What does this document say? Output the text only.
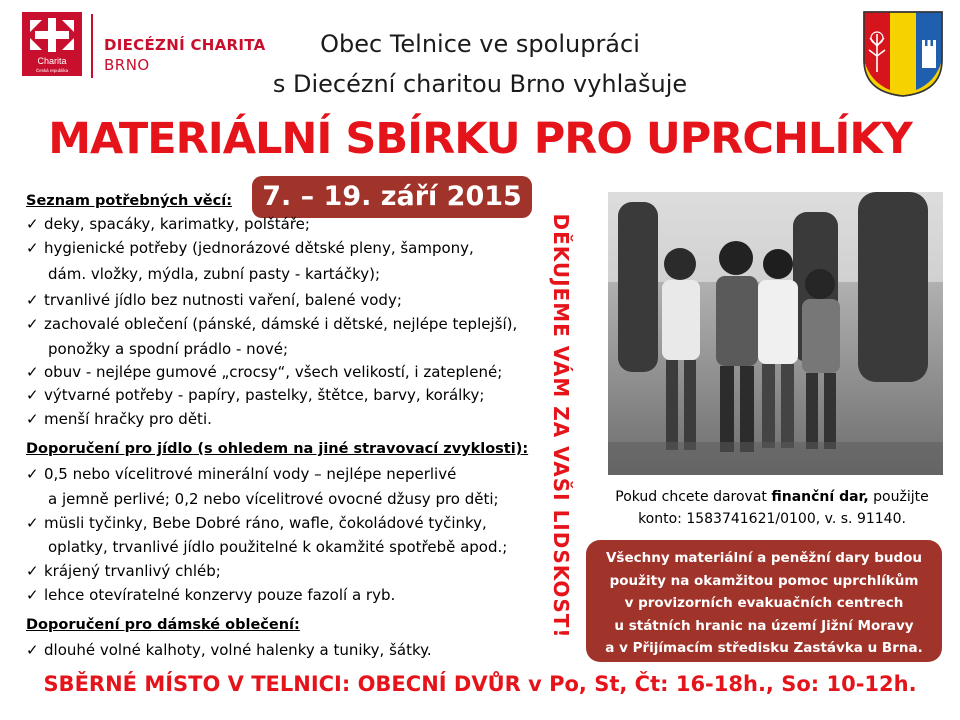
Charita
Česká republika
DIECÉZNÍ CHARITA
BRNO
Obec Telnice ve spolupráci
s Diecézní charitou Brno vyhlašuje
MATERIÁLNÍ SBÍRKU PRO UPRCHLÍKY
7. – 19. září 2015
Seznam potřebných věcí:
✓ deky, spacáky, karimatky, polštáře;
✓ hygienické potřeby (jednorázové dětské pleny, šampony,
dám. vložky, mýdla, zubní pasty - kartáčky);
✓ trvanlivé jídlo bez nutnosti vaření, balené vody;
✓ zachovalé oblečení (pánské, dámské i dětské, nejlépe teplejší),
ponožky a spodní prádlo - nové;
✓ obuv - nejlépe gumové „crocsy“, všech velikostí, i zateplené;
✓ výtvarné potřeby - papíry, pastelky, štětce, barvy, korálky;
✓ menší hračky pro děti.
Doporučení pro jídlo (s ohledem na jiné stravovací zvyklosti):
✓ 0,5 nebo vícelitrové minerální vody – nejlépe neperlivé
a jemně perlivé; 0,2 nebo vícelitrové ovocné džusy pro děti;
✓ müsli tyčinky, Bebe Dobré ráno, wafle, čokoládové tyčinky,
oplatky, trvanlivé jídlo použitelné k okamžité spotřebě apod.;
✓ krájený trvanlivý chléb;
✓ lehce otevíratelné konzervy pouze fazolí a ryb.
Doporučení pro dámské oblečení:
✓ dlouhé volné kalhoty, volné halenky a tuniky, šátky.
DĚKUJEME VÁM ZA VAŠI LIDSKOST!	Pokud chcete darovat finanční dar, použijte
konto: 1583741621/0100, v. s. 91140.
Všechny materiální a peněžní dary budou
použity na okamžitou pomoc uprchlíkům
v provizorních evakuačních centrech
u státních hranic na území Jižní Moravy
a v Přijímacím středisku Zastávka u Brna.
SBĚRNÉ MÍSTO V TELNICI: OBECNÍ DVŮR v Po, St, Čt: 16-18h., So: 10-12h.
